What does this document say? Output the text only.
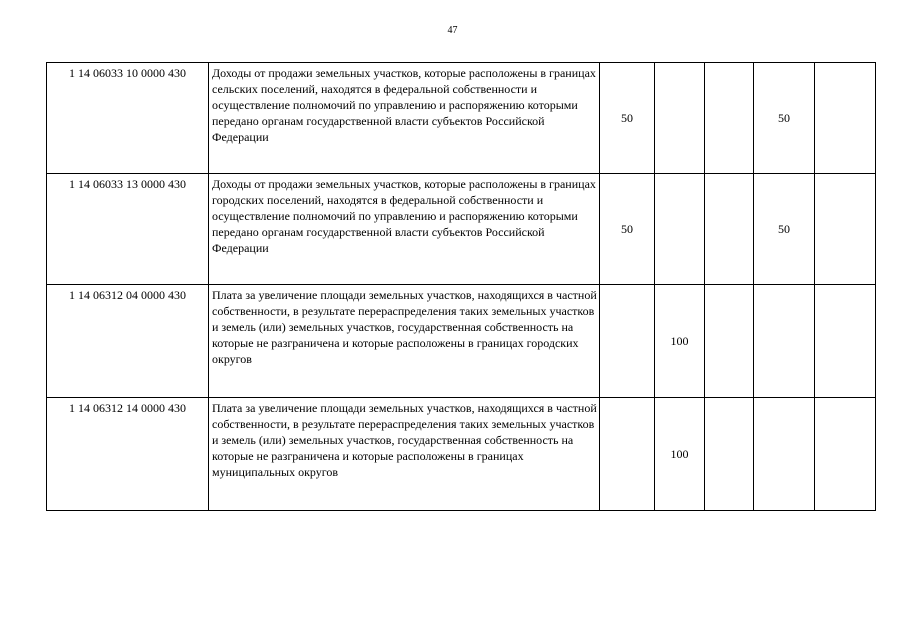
47
1 14 06033 10 0000 430	Доходы от продажи земельных участков, которые расположены в границах сельских поселений, находятся в федеральной собственности и осуществление полномочий по управлению и распоряжению которыми передано органам государственной власти субъектов Российской Федерации	50			50	
1 14 06033 13 0000 430	Доходы от продажи земельных участков, которые расположены в границах городских поселений, находятся в федеральной собственности и осуществление полномочий по управлению и распоряжению которыми передано органам государственной власти субъектов Российской Федерации	50			50	
1 14 06312 04 0000 430	Плата за увеличение площади земельных участков, находящихся в частной собственности, в результате перераспределения таких земельных участков и земель (или) земельных участков, государственная собственность на которые не разграничена и которые расположены в границах городских округов		100			
1 14 06312 14 0000 430	Плата за увеличение площади земельных участков, находящихся в частной собственности, в результате перераспределения таких земельных участков и земель (или) земельных участков, государственная собственность на которые не разграничена и которые расположены в границах муниципальных округов		100			
